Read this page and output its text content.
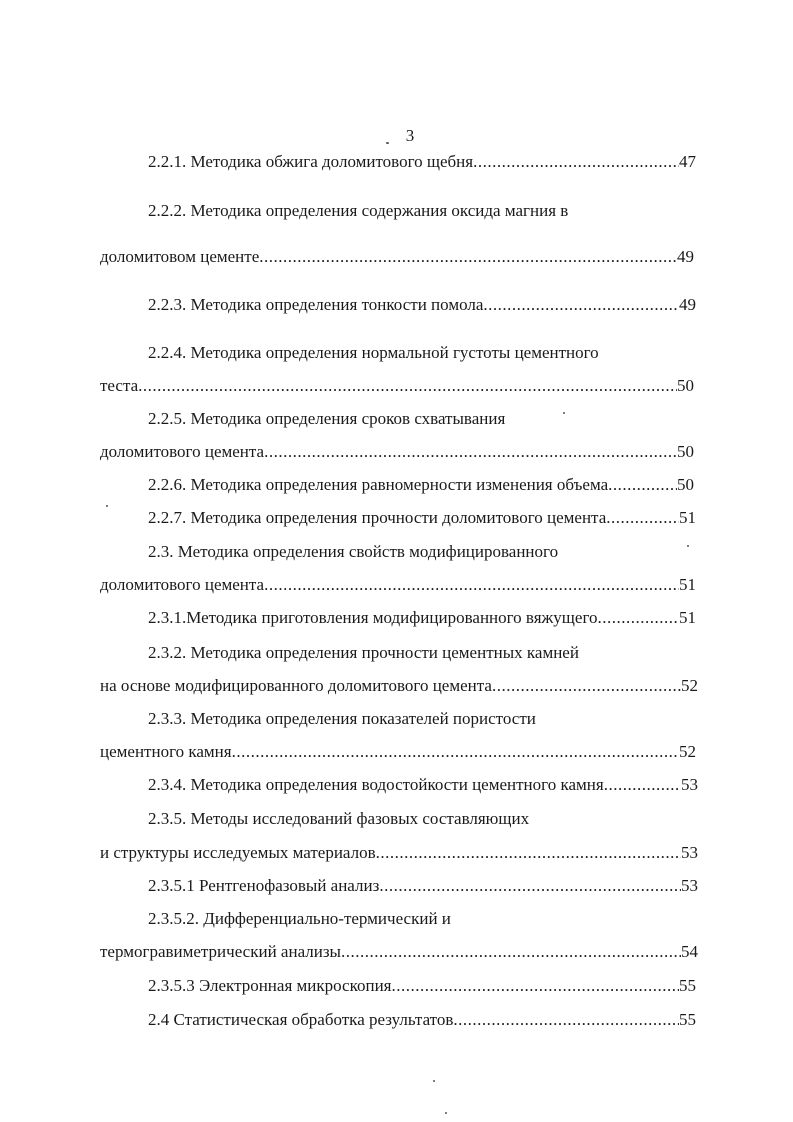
3
2.2.1. Методика обжига доломитового щебня .....	47
2.2.2. Методика определения содержания оксида магния в
доломитовом цементе .....	49
2.2.3. Методика определения тонкости помола .....	49
2.2.4. Методика определения нормальной густоты цементного
теста .....	50
2.2.5. Методика определения сроков схватывания
доломитового цемента .....	50
2.2.6. Методика определения равномерности изменения объема .....	50
2.2.7. Методика определения прочности доломитового цемента .....	51
2.3. Методика определения свойств модифицированного
доломитового цемента .....	51
2.3.1.Методика приготовления модифицированного вяжущего .....	51
2.3.2. Методика определения прочности цементных камней
на основе модифицированного доломитового цемента .....	52
2.3.3. Методика определения показателей пористости
цементного камня .....	52
2.3.4. Методика определения водостойкости цементного камня .....	53
2.3.5. Методы исследований фазовых составляющих
и структуры исследуемых материалов .....	53
2.3.5.1 Рентгенофазовый анализ .....	53
2.3.5.2. Дифференциально-термический и
термогравиметрический анализы .....	54
2.3.5.3 Электронная микроскопия .....	55
2.4 Статистическая обработка результатов .....	55
